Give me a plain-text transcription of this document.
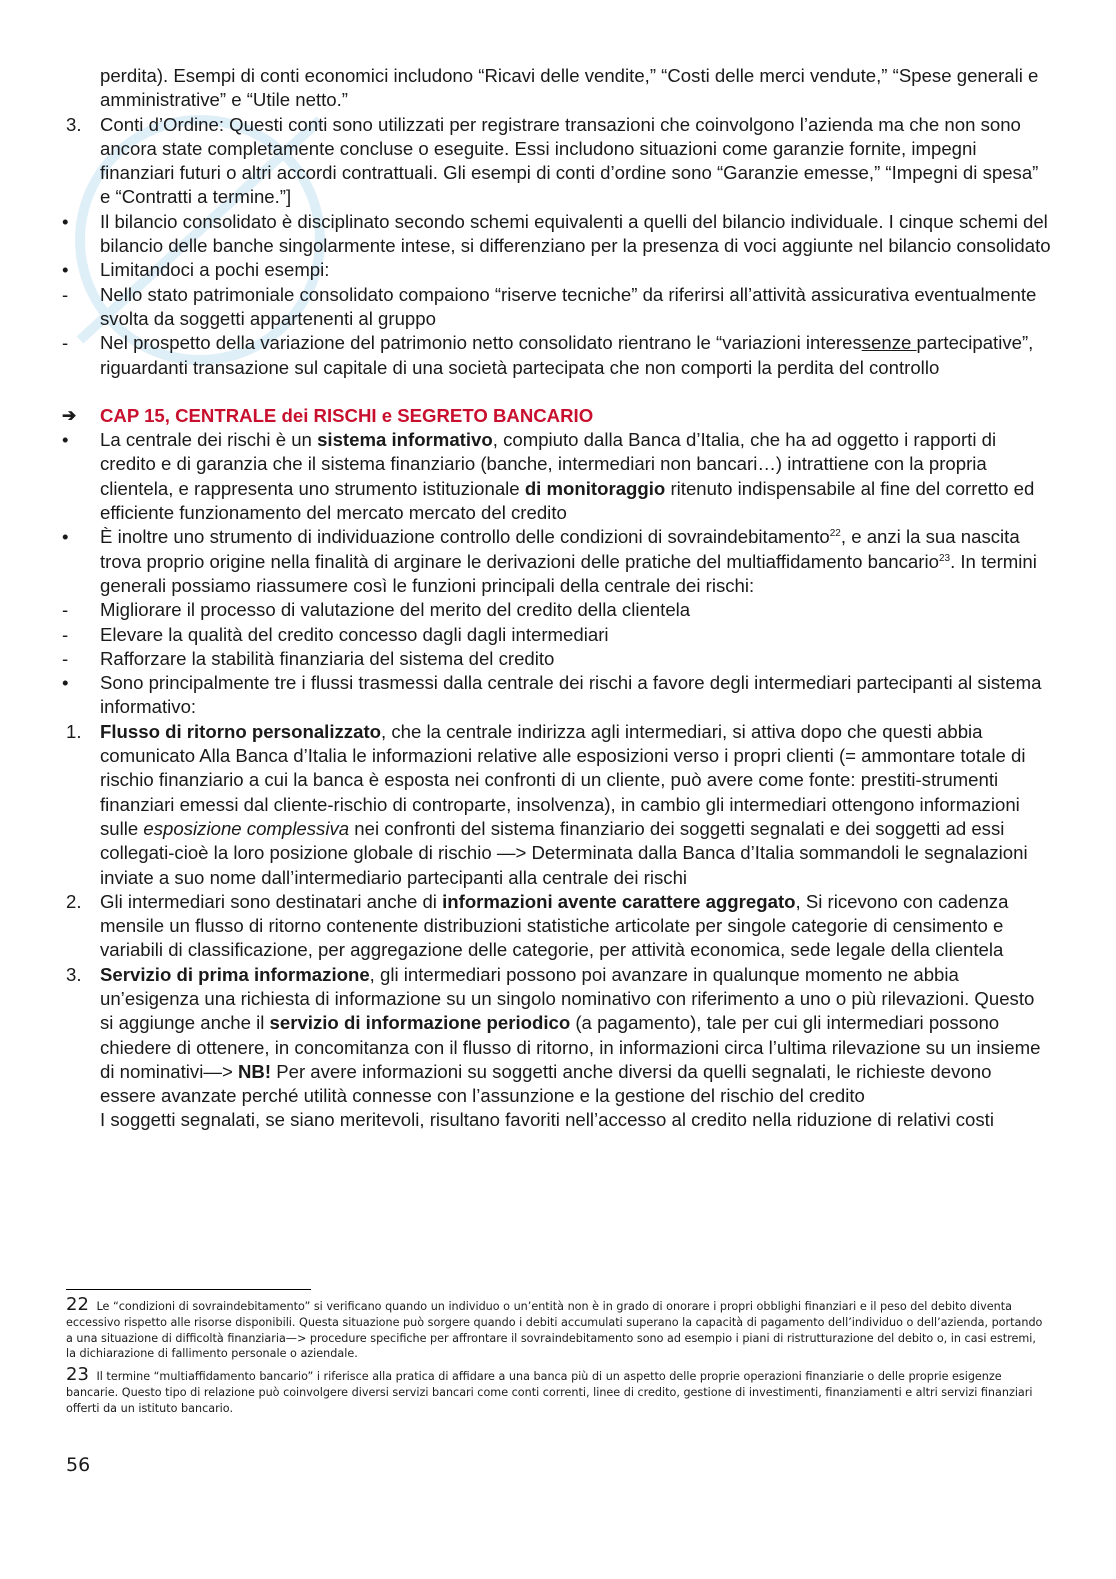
perdita). Esempi di conti economici includono “Ricavi delle vendite,” “Costi delle merci vendute,” “Spese generali e amministrative” e “Utile netto.”
3. Conti d’Ordine: Questi conti sono utilizzati per registrare transazioni che coinvolgono l’azienda ma che non sono ancora state completamente concluse o eseguite. Essi includono situazioni come garanzie fornite, impegni finanziari futuri o altri accordi contrattuali. Gli esempi di conti d’ordine sono “Garanzie emesse,” “Impegni di spesa” e “Contratti a termine.”]
•	Il bilancio consolidato è disciplinato secondo schemi equivalenti a quelli del bilancio individuale. I cinque schemi del bilancio delle banche singolarmente intese, si differenziano per la presenza di voci aggiunte nel bilancio consolidato
•	Limitandoci a pochi esempi:
-	Nello stato patrimoniale consolidato compaiono “riserve tecniche” da riferirsi all’attività assicurativa eventualmente svolta da soggetti appartenenti al gruppo
-	Nel prospetto della variazione del patrimonio netto consolidato rientrano le “variazioni interessenze partecipative”, riguardanti transazione sul capitale di una società partecipata che non comporti la perdita del controllo
➔	CAP 15, CENTRALE dei RISCHI e SEGRETO BANCARIO
•	La centrale dei rischi è un sistema informativo, compiuto dalla Banca d’Italia, che ha ad oggetto i rapporti di credito e di garanzia che il sistema finanziario (banche, intermediari non bancari…) intrattiene con la propria clientela, e rappresenta uno strumento istituzionale di monitoraggio ritenuto indispensabile al fine del corretto ed efficiente funzionamento del mercato mercato del credito
•	È inoltre uno strumento di individuazione controllo delle condizioni di sovraindebitamento$^{22}$, e anzi la sua nascita trova proprio origine nella finalità di arginare le derivazioni delle pratiche del multiaffidamento bancario$^{23}$. In termini generali possiamo riassumere così le funzioni principali della centrale dei rischi:
-	Migliorare il processo di valutazione del merito del credito della clientela
-	Elevare la qualità del credito concesso dagli dagli intermediari
-	Rafforzare la stabilità finanziaria del sistema del credito
•	Sono principalmente tre i flussi trasmessi dalla centrale dei rischi a favore degli intermediari partecipanti al sistema informativo:
1. Flusso di ritorno personalizzato, che la centrale indirizza agli intermediari, si attiva dopo che questi abbia comunicato Alla Banca d’Italia le informazioni relative alle esposizioni verso i propri clienti (= ammontare totale di rischio finanziario a cui la banca è esposta nei confronti di un cliente, può avere come fonte: prestiti-strumenti finanziari emessi dal cliente-rischio di controparte, insolvenza), in cambio gli intermediari ottengono informazioni sulle esposizione complessiva nei confronti del sistema finanziario dei soggetti segnalati e dei soggetti ad essi collegati-cioè la loro posizione globale di rischio —> Determinata dalla Banca d’Italia sommandoli le segnalazioni inviate a suo nome dall’intermediario partecipanti alla centrale dei rischi
2. Gli intermediari sono destinatari anche di informazioni avente carattere aggregato, Si ricevono con cadenza mensile un flusso di ritorno contenente distribuzioni statistiche articolate per singole categorie di censimento e variabili di classificazione, per aggregazione delle categorie, per attività economica, sede legale della clientela
3. Servizio di prima informazione, gli intermediari possono poi avanzare in qualunque momento ne abbia un’esigenza una richiesta di informazione su un singolo nominativo con riferimento a uno o più rilevazioni. Questo si aggiunge anche il servizio di informazione periodico (a pagamento), tale per cui gli intermediari possono chiedere di ottenere, in concomitanza con il flusso di ritorno, in informazioni circa l’ultima rilevazione su un insieme di nominativi—> NB! Per avere informazioni su soggetti anche diversi da quelli segnalati, le richieste devono essere avanzate perché utilità connesse con l’assunzione e la gestione del rischio del credito
I soggetti segnalati, se siano meritevoli, risultano favoriti nell’accesso al credito nella riduzione di relativi costi
22 Le “condizioni di sovraindebitamento” si verificano quando un individuo o un’entità non è in grado di onorare i propri obblighi finanziari e il peso del debito diventa eccessivo rispetto alle risorse disponibili. Questa situazione può sorgere quando i debiti accumulati superano la capacità di pagamento dell’individuo o dell’azienda, portando a una situazione di difficoltà finanziaria—> procedure specifiche per affrontare il sovraindebitamento sono ad esempio i piani di ristrutturazione del debito o, in casi estremi, la dichiarazione di fallimento personale o aziendale.
23 Il termine “multiaffidamento bancario” i riferisce alla pratica di affidare a una banca più di un aspetto delle proprie operazioni finanziarie o delle proprie esigenze bancarie. Questo tipo di relazione può coinvolgere diversi servizi bancari come conti correnti, linee di credito, gestione di investimenti, finanziamenti e altri servizi finanziari offerti da un istituto bancario.
56
